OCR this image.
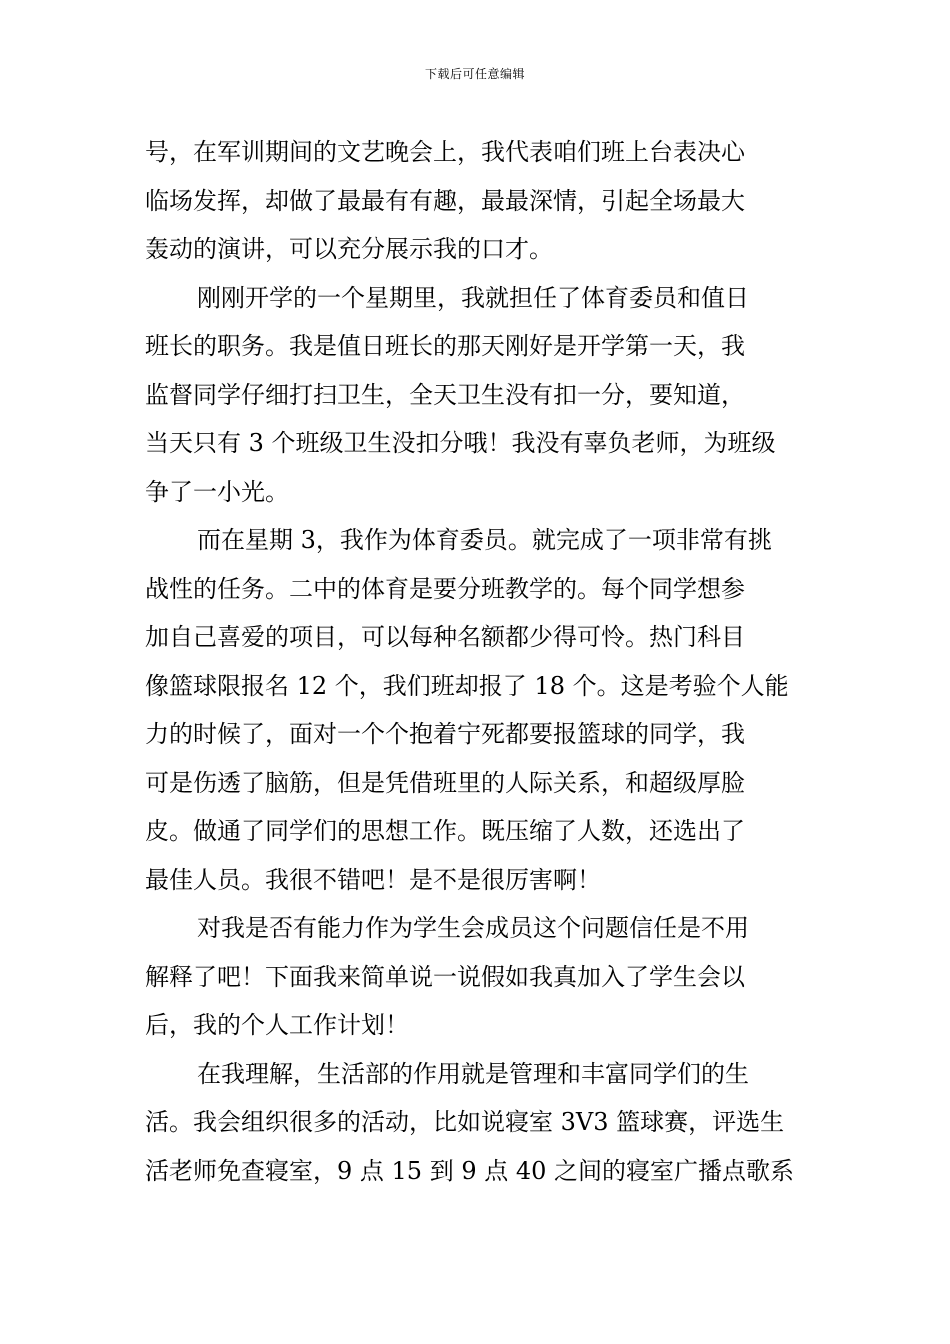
下载后可任意编辑
号，在军训期间的文艺晚会上，我代表咱们班上台表决心
临场发挥，却做了最最有有趣，最最深情，引起全场最大
轰动的演讲，可以充分展示我的口才。
刚刚开学的一个星期里，我就担任了体育委员和值日
班长的职务。我是值日班长的那天刚好是开学第一天，我
监督同学仔细打扫卫生，全天卫生没有扣一分，要知道，
当天只有 3 个班级卫生没扣分哦！我没有辜负老师，为班级
争了一小光。
而在星期 3，我作为体育委员。就完成了一项非常有挑
战性的任务。二中的体育是要分班教学的。每个同学想参
加自己喜爱的项目，可以每种名额都少得可怜。热门科目
像篮球限报名 12 个，我们班却报了 18 个。这是考验个人能
力的时候了，面对一个个抱着宁死都要报篮球的同学，我
可是伤透了脑筋，但是凭借班里的人际关系，和超级厚脸
皮。做通了同学们的思想工作。既压缩了人数，还选出了
最佳人员。我很不错吧！是不是很厉害啊！
对我是否有能力作为学生会成员这个问题信任是不用
解释了吧！下面我来简单说一说假如我真加入了学生会以
后，我的个人工作计划！
在我理解，生活部的作用就是管理和丰富同学们的生
活。我会组织很多的活动，比如说寝室 3V3 篮球赛，评选生
活老师免查寝室，9 点 15 到 9 点 40 之间的寝室广播点歌系
